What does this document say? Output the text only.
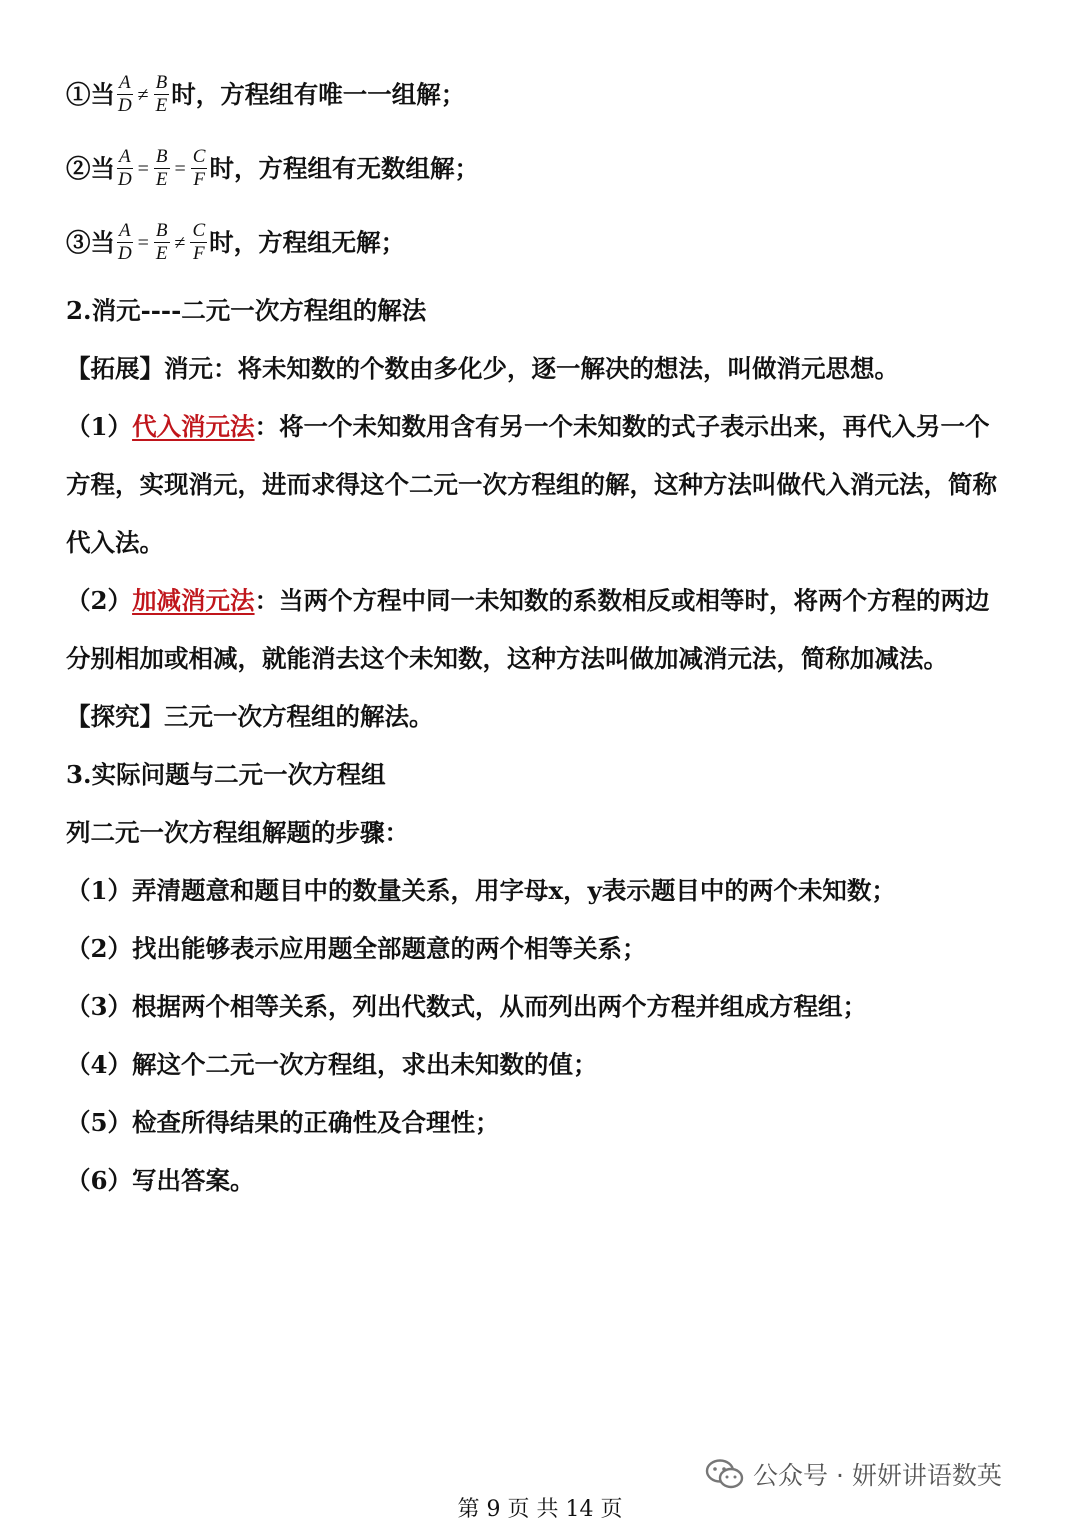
①当 $\frac{A}{D} \ne \frac{B}{E}$ 时，方程组有唯一一组解；
②当 $\frac{A}{D} = \frac{B}{E} = \frac{C}{F}$ 时，方程组有无数组解；
③当 $\frac{A}{D} = \frac{B}{E} \ne \frac{C}{F}$ 时，方程组无解；
2.消元----二元一次方程组的解法
【拓展】消元：将未知数的个数由多化少，逐一解决的想法，叫做消元思想。
（1）代入消元法：将一个未知数用含有另一个未知数的式子表示出来，再代入另一个方程，实现消元，进而求得这个二元一次方程组的解，这种方法叫做代入消元法，简称代入法。
（2）加减消元法：当两个方程中同一未知数的系数相反或相等时，将两个方程的两边分别相加或相减，就能消去这个未知数，这种方法叫做加减消元法，简称加减法。
【探究】三元一次方程组的解法。
3.实际问题与二元一次方程组
列二元一次方程组解题的步骤：
（1）弄清题意和题目中的数量关系，用字母x，y表示题目中的两个未知数；
（2）找出能够表示应用题全部题意的两个相等关系；
（3）根据两个相等关系，列出代数式，从而列出两个方程并组成方程组；
（4）解这个二元一次方程组，求出未知数的值；
（5）检查所得结果的正确性及合理性；
（6）写出答案。
公众号 · 妍妍讲语数英
第 9 页 共 14 页
